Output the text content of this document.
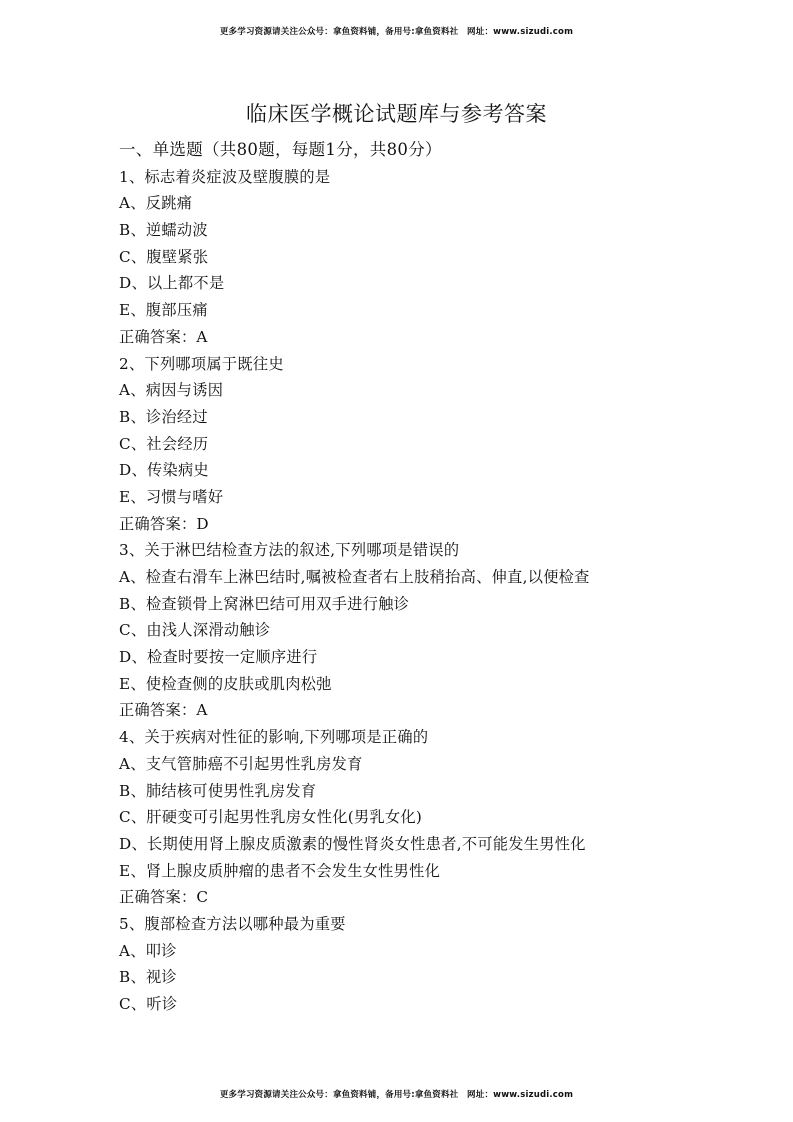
更多学习资源请关注公众号：拿鱼资料铺，备用号:拿鱼资料社　网址：www.sizudi.com
临床医学概论试题库与参考答案
一、单选题（共80题，每题1分，共80分）
1、标志着炎症波及壁腹膜的是
A、反跳痛
B、逆蠕动波
C、腹壁紧张
D、以上都不是
E、腹部压痛
正确答案：A
2、下列哪项属于既往史
A、病因与诱因
B、诊治经过
C、社会经历
D、传染病史
E、习惯与嗜好
正确答案：D
3、关于淋巴结检查方法的叙述,下列哪项是错误的
A、检查右滑车上淋巴结时,嘱被检查者右上肢稍抬高、伸直,以便检查
B、检查锁骨上窝淋巴结可用双手进行触诊
C、由浅人深滑动触诊
D、检查时要按一定顺序进行
E、使检查侧的皮肤或肌肉松弛
正确答案：A
4、关于疾病对性征的影响,下列哪项是正确的
A、支气管肺癌不引起男性乳房发育
B、肺结核可使男性乳房发育
C、肝硬变可引起男性乳房女性化(男乳女化)
D、长期使用肾上腺皮质激素的慢性肾炎女性患者,不可能发生男性化
E、肾上腺皮质肿瘤的患者不会发生女性男性化
正确答案：C
5、腹部检查方法以哪种最为重要
A、叩诊
B、视诊
C、听诊
更多学习资源请关注公众号：拿鱼资料铺，备用号:拿鱼资料社　网址：www.sizudi.com
